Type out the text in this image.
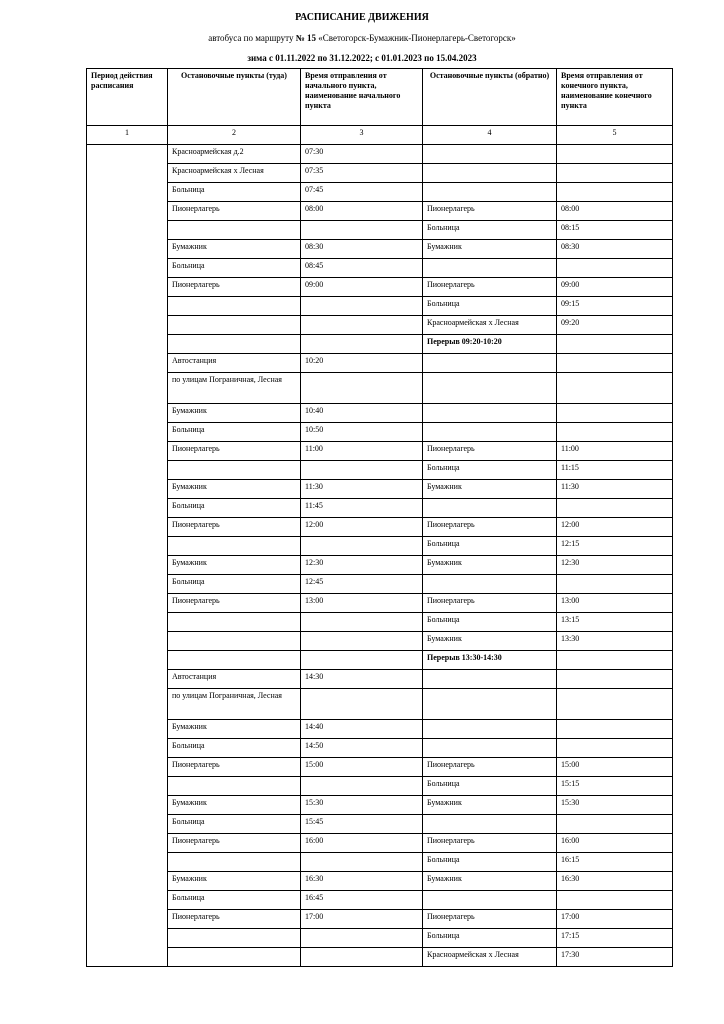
РАСПИСАНИЕ ДВИЖЕНИЯ
автобуса по маршруту № 15 «Светогорск-Бумажник-Пионерлагерь-Светогорск»
зима с 01.11.2022 по 31.12.2022; с 01.01.2023 по 15.04.2023
Период действия расписания	Остановочные пункты (туда)	Время отправления от начального пункта, наименование начального пункта	Остановочные пункты (обратно)	Время отправления от конечного пункта, наименование конечного пункта
1	2	3	4	5
	Красноармейская д.2	07:30		
	Красноармейская х Лесная	07:35		
	Больница	07:45		
	Пионерлагерь	08:00	Пионерлагерь	08:00
			Больница	08:15
	Бумажник	08:30	Бумажник	08:30
	Больница	08:45		
	Пионерлагерь	09:00	Пионерлагерь	09:00
			Больница	09:15
			Красноармейская х Лесная	09:20
			Перерыв 09:20-10:20	
	Автостанция	10:20		
	по улицам Пограничная, Лесная			
	Бумажник	10:40		
	Больница	10:50		
	Пионерлагерь	11:00	Пионерлагерь	11:00
			Больница	11:15
	Бумажник	11:30	Бумажник	11:30
	Больница	11:45		
	Пионерлагерь	12:00	Пионерлагерь	12:00
			Больница	12:15
	Бумажник	12:30	Бумажник	12:30
	Больница	12:45		
	Пионерлагерь	13:00	Пионерлагерь	13:00
			Больница	13:15
			Бумажник	13:30
			Перерыв 13:30-14:30	
	Автостанция	14:30		
	по улицам Пограничная, Лесная			
	Бумажник	14:40		
	Больница	14:50		
	Пионерлагерь	15:00	Пионерлагерь	15:00
			Больница	15:15
	Бумажник	15:30	Бумажник	15:30
	Больница	15:45		
	Пионерлагерь	16:00	Пионерлагерь	16:00
			Больница	16:15
	Бумажник	16:30	Бумажник	16:30
	Больница	16:45		
	Пионерлагерь	17:00	Пионерлагерь	17:00
			Больница	17:15
			Красноармейская х Лесная	17:30
